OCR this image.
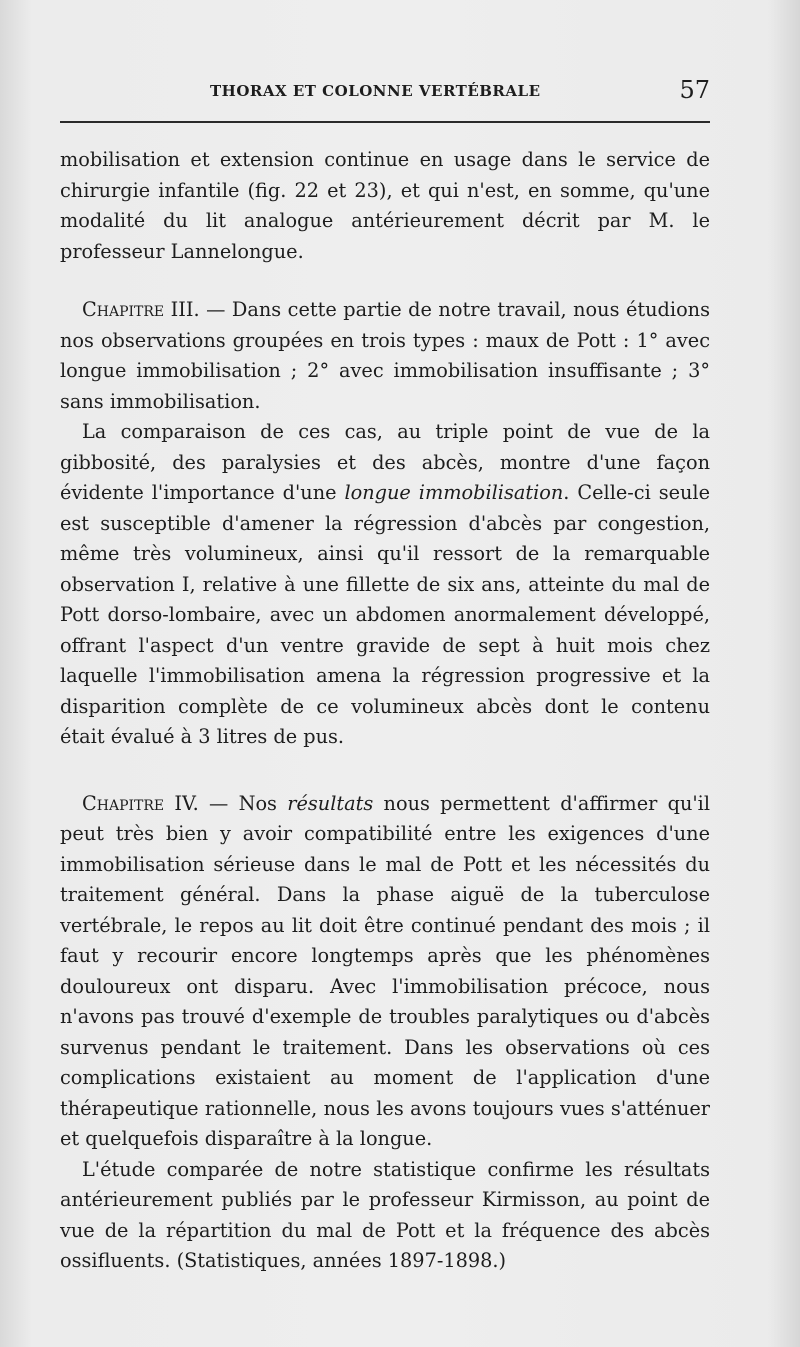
THORAX ET COLONNE VERTÉBRALE	57

mobilisation et extension continue en usage dans le service de chirurgie infantile (fig. 22 et 23), et qui n'est, en somme, qu'une modalité du lit analogue antérieurement décrit par M. le professeur Lannelongue.

Chapitre III. — Dans cette partie de notre travail, nous étudions nos observations groupées en trois types : maux de Pott : 1° avec longue immobilisation ; 2° avec immobilisation insuffisante ; 3° sans immobilisation.

La comparaison de ces cas, au triple point de vue de la gibbosité, des paralysies et des abcès, montre d'une façon évidente l'importance d'une longue immobilisation. Celle-ci seule est susceptible d'amener la régression d'abcès par congestion, même très volumineux, ainsi qu'il ressort de la remarquable observation I, relative à une fillette de six ans, atteinte du mal de Pott dorso-lombaire, avec un abdomen anormalement développé, offrant l'aspect d'un ventre gravide de sept à huit mois chez laquelle l'immobilisation amena la régression progressive et la disparition complète de ce volumineux abcès dont le contenu était évalué à 3 litres de pus.

Chapitre IV. — Nos résultats nous permettent d'affirmer qu'il peut très bien y avoir compatibilité entre les exigences d'une immobilisation sérieuse dans le mal de Pott et les nécessités du traitement général. Dans la phase aiguë de la tuberculose vertébrale, le repos au lit doit être continué pendant des mois ; il faut y recourir encore longtemps après que les phénomènes douloureux ont disparu. Avec l'immobilisation précoce, nous n'avons pas trouvé d'exemple de troubles paralytiques ou d'abcès survenus pendant le traitement. Dans les observations où ces complications existaient au moment de l'application d'une thérapeutique rationnelle, nous les avons toujours vues s'atténuer et quelquefois disparaître à la longue.

L'étude comparée de notre statistique confirme les résultats antérieurement publiés par le professeur Kirmisson, au point de vue de la répartition du mal de Pott et la fréquence des abcès ossifluents. (Statistiques, années 1897-1898.)
